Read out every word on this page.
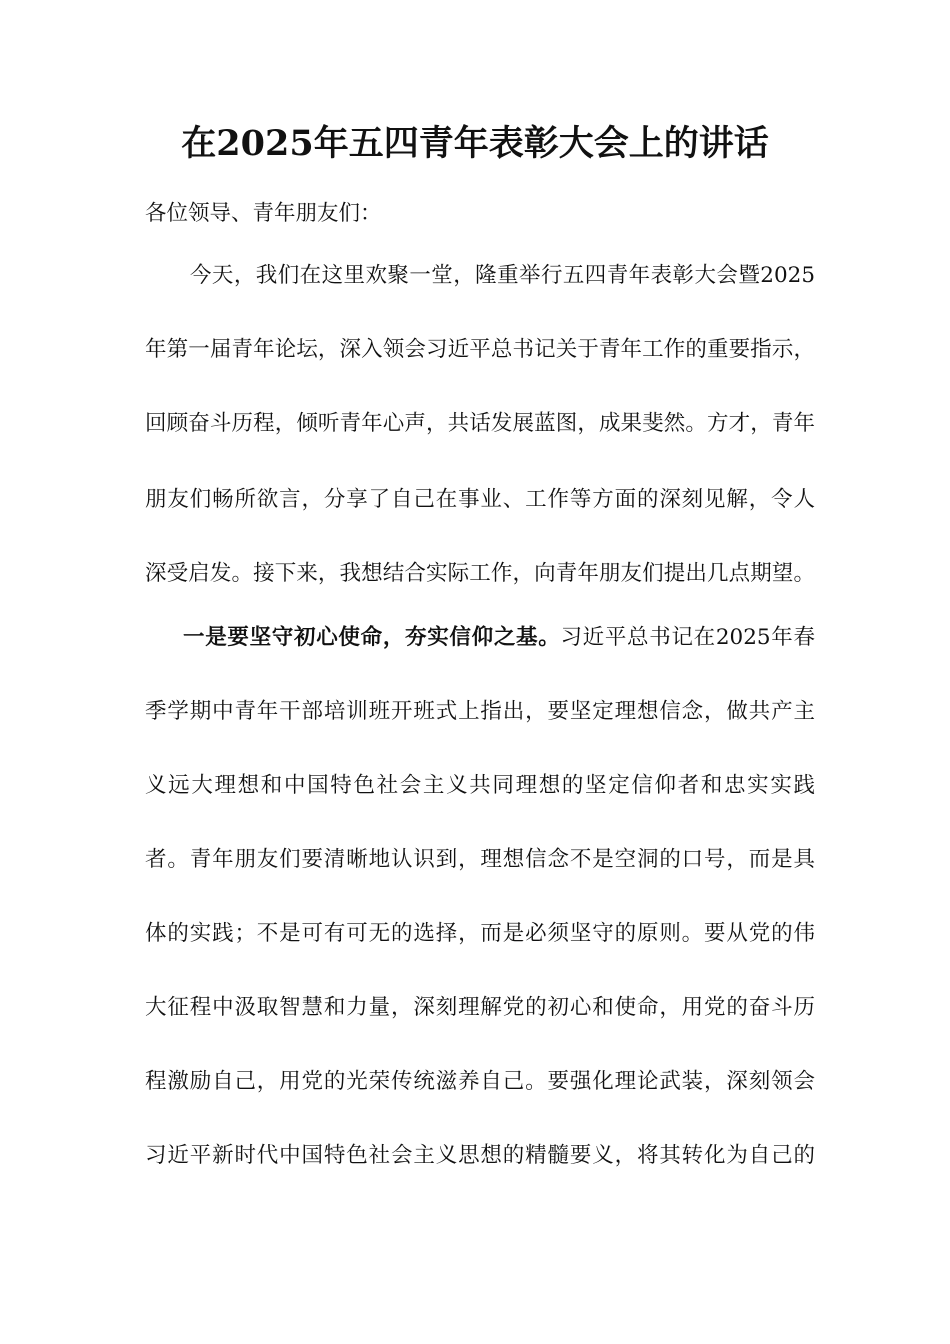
在2025年五四青年表彰大会上的讲话
各位领导、青年朋友们：
今天，我们在这里欢聚一堂，隆重举行五四青年表彰大会暨2025
年第一届青年论坛，深入领会习近平总书记关于青年工作的重要指示，
回顾奋斗历程，倾听青年心声，共话发展蓝图，成果斐然。方才，青年
朋友们畅所欲言，分享了自己在事业、工作等方面的深刻见解，令人
深受启发。接下来，我想结合实际工作，向青年朋友们提出几点期望。
一是要坚守初心使命，夯实信仰之基。习近平总书记在2025年春
季学期中青年干部培训班开班式上指出，要坚定理想信念，做共产主
义远大理想和中国特色社会主义共同理想的坚定信仰者和忠实实践
者。青年朋友们要清晰地认识到，理想信念不是空洞的口号，而是具
体的实践；不是可有可无的选择，而是必须坚守的原则。要从党的伟
大征程中汲取智慧和力量，深刻理解党的初心和使命，用党的奋斗历
程激励自己，用党的光荣传统滋养自己。要强化理论武装，深刻领会
习近平新时代中国特色社会主义思想的精髓要义，将其转化为自己的
